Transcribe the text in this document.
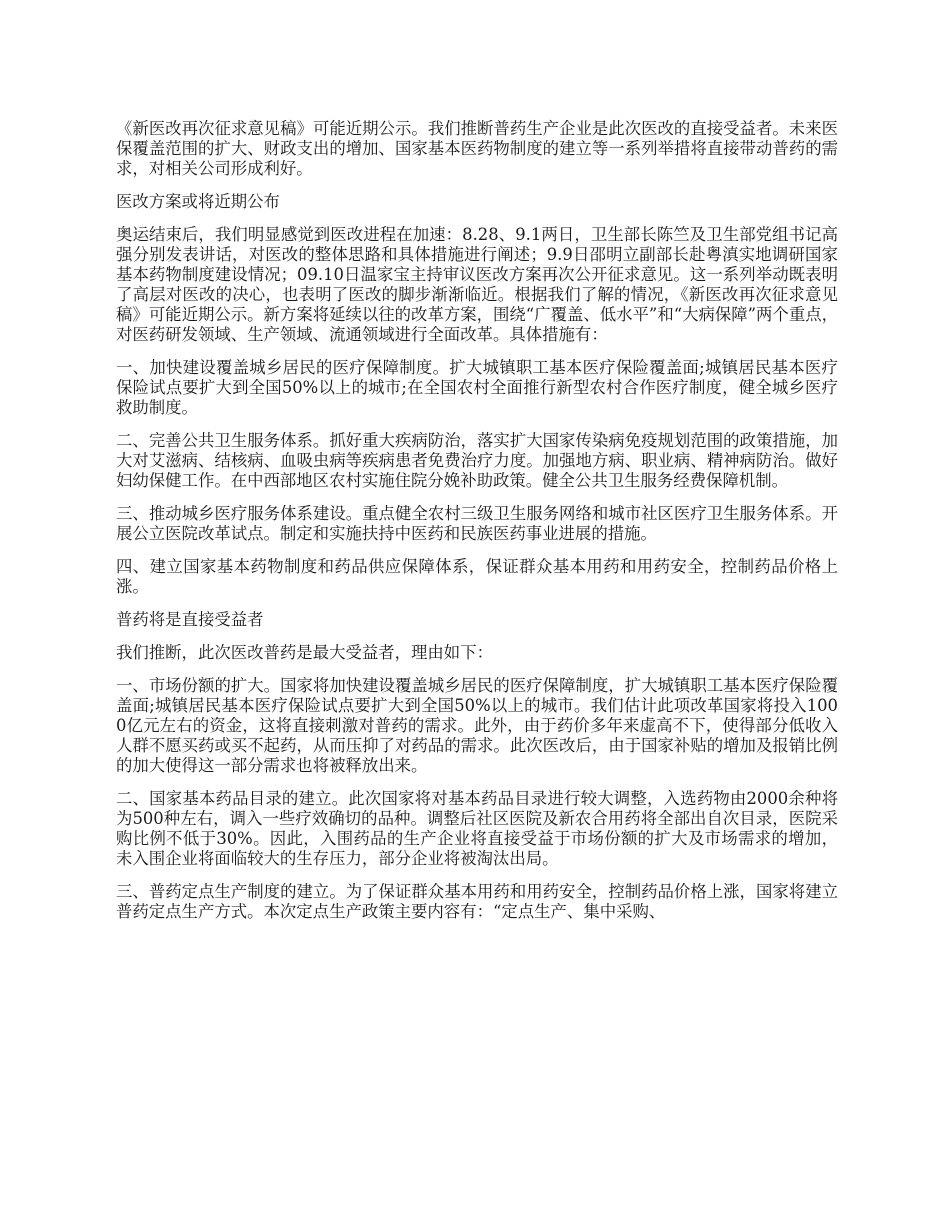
《新医改再次征求意见稿》可能近期公示。我们推断普药生产企业是此次医改的直接受益者。未来医保覆盖范围的扩大、财政支出的增加、国家基本医药物制度的建立等一系列举措将直接带动普药的需求，对相关公司形成利好。

医改方案或将近期公布

奥运结束后，我们明显感觉到医改进程在加速：8.28、9.1两日，卫生部长陈竺及卫生部党组书记高强分别发表讲话，对医改的整体思路和具体措施进行阐述；9.9日邵明立副部长赴粤滇实地调研国家基本药物制度建设情况；09.10日温家宝主持审议医改方案再次公开征求意见。这一系列举动既表明了高层对医改的决心，也表明了医改的脚步渐渐临近。根据我们了解的情况，《新医改再次征求意见稿》可能近期公示。新方案将延续以往的改革方案，围绕“广覆盖、低水平”和“大病保障”两个重点，对医药研发领域、生产领域、流通领域进行全面改革。具体措施有：

一、加快建设覆盖城乡居民的医疗保障制度。扩大城镇职工基本医疗保险覆盖面;城镇居民基本医疗保险试点要扩大到全国50%以上的城市;在全国农村全面推行新型农村合作医疗制度，健全城乡医疗救助制度。

二、完善公共卫生服务体系。抓好重大疾病防治，落实扩大国家传染病免疫规划范围的政策措施，加大对艾滋病、结核病、血吸虫病等疾病患者免费治疗力度。加强地方病、职业病、精神病防治。做好妇幼保健工作。在中西部地区农村实施住院分娩补助政策。健全公共卫生服务经费保障机制。

三、推动城乡医疗服务体系建设。重点健全农村三级卫生服务网络和城市社区医疗卫生服务体系。开展公立医院改革试点。制定和实施扶持中医药和民族医药事业进展的措施。

四、建立国家基本药物制度和药品供应保障体系，保证群众基本用药和用药安全，控制药品价格上涨。

普药将是直接受益者

我们推断，此次医改普药是最大受益者，理由如下：

一、市场份额的扩大。国家将加快建设覆盖城乡居民的医疗保障制度，扩大城镇职工基本医疗保险覆盖面;城镇居民基本医疗保险试点要扩大到全国50%以上的城市。我们估计此项改革国家将投入1000亿元左右的资金，这将直接刺激对普药的需求。此外，由于药价多年来虚高不下，使得部分低收入人群不愿买药或买不起药，从而压抑了对药品的需求。此次医改后，由于国家补贴的增加及报销比例的加大使得这一部分需求也将被释放出来。

二、国家基本药品目录的建立。此次国家将对基本药品目录进行较大调整，入选药物由2000余种将为500种左右，调入一些疗效确切的品种。调整后社区医院及新农合用药将全部出自次目录，医院采购比例不低于30%。因此，入围药品的生产企业将直接受益于市场份额的扩大及市场需求的增加，未入围企业将面临较大的生存压力，部分企业将被淘汰出局。

三、普药定点生产制度的建立。为了保证群众基本用药和用药安全，控制药品价格上涨，国家将建立普药定点生产方式。本次定点生产政策主要内容有：“定点生产、集中采购、
